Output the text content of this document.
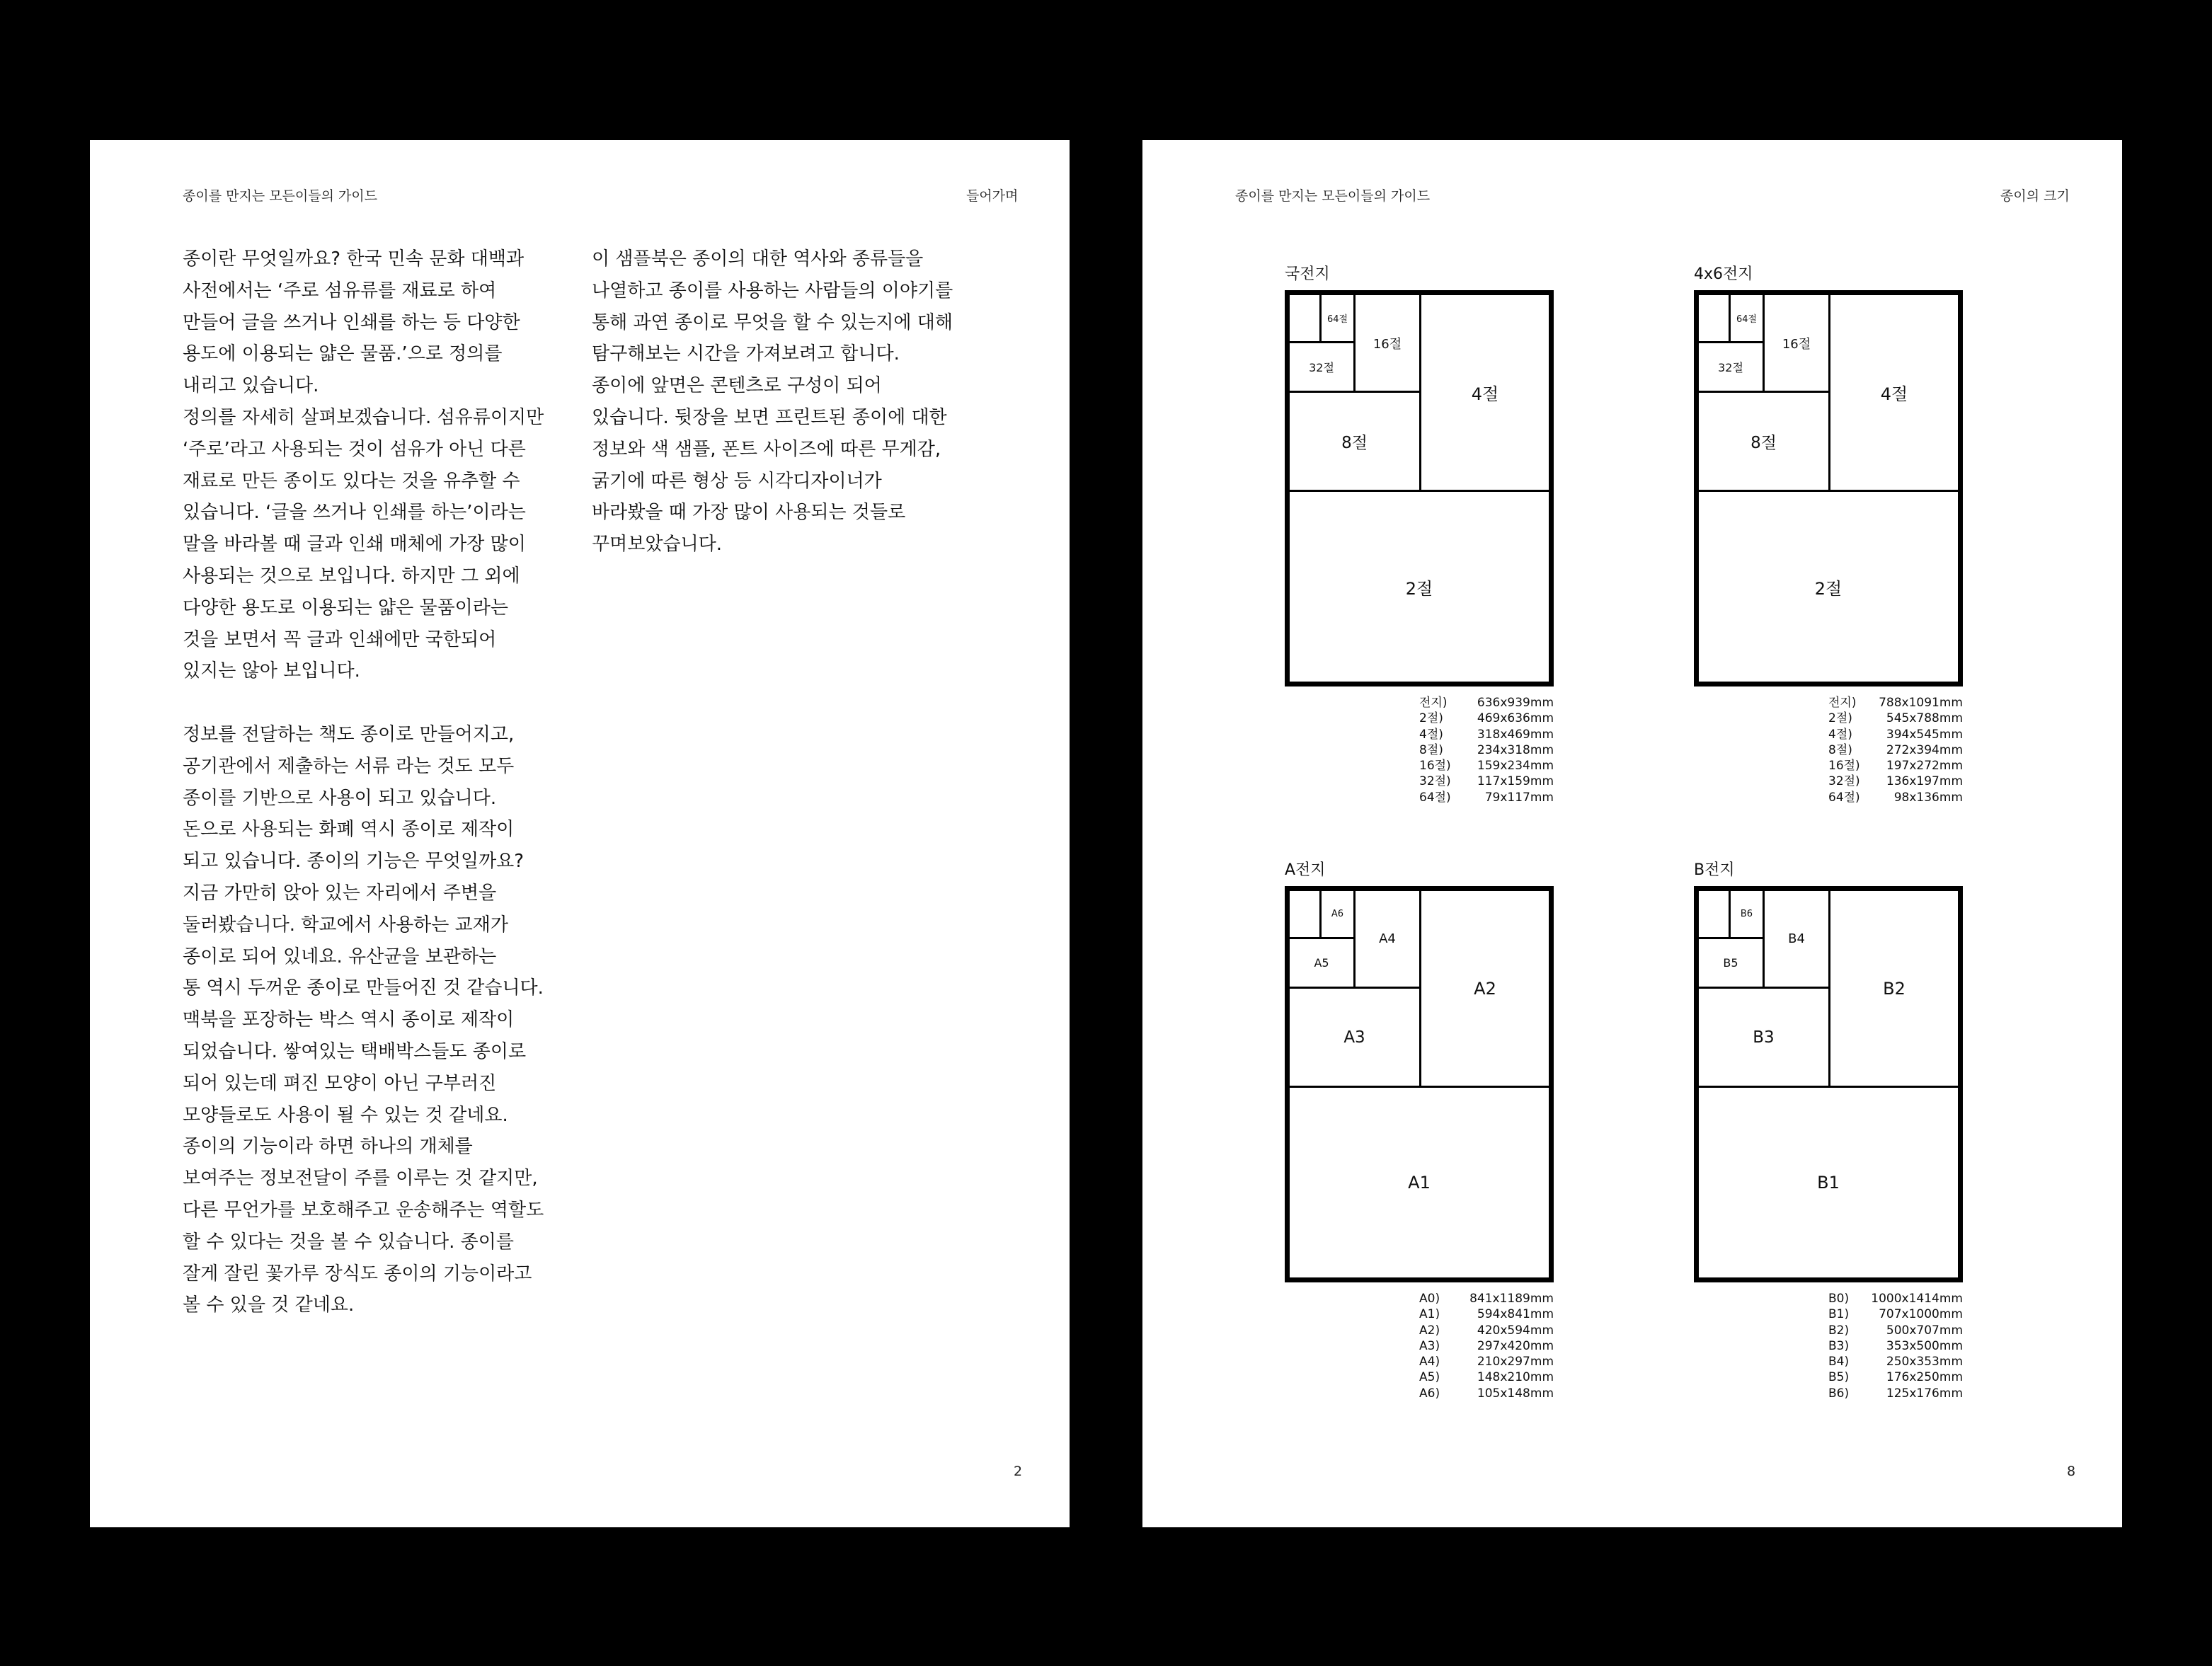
종이를 만지는 모든이들의 가이드	들어가며
종이란 무엇일까요? 한국 민속 문화 대백과
사전에서는 ‘주로 섬유류를 재료로 하여
만들어 글을 쓰거나 인쇄를 하는 등 다양한
용도에 이용되는 얇은 물품.’으로 정의를
내리고 있습니다.
정의를 자세히 살펴보겠습니다. 섬유류이지만
‘주로’라고 사용되는 것이 섬유가 아닌 다른
재료로 만든 종이도 있다는 것을 유추할 수
있습니다. ‘글을 쓰거나 인쇄를 하는’이라는
말을 바라볼 때 글과 인쇄 매체에 가장 많이
사용되는 것으로 보입니다. 하지만 그 외에
다양한 용도로 이용되는 얇은 물품이라는
것을 보면서 꼭 글과 인쇄에만 국한되어
있지는 않아 보입니다.
정보를 전달하는 책도 종이로 만들어지고,
공기관에서 제출하는 서류 라는 것도 모두
종이를 기반으로 사용이 되고 있습니다.
돈으로 사용되는 화폐 역시 종이로 제작이
되고 있습니다. 종이의 기능은 무엇일까요?
지금 가만히 앉아 있는 자리에서 주변을
둘러봤습니다. 학교에서 사용하는 교재가
종이로 되어 있네요. 유산균을 보관하는
통 역시 두꺼운 종이로 만들어진 것 같습니다.
맥북을 포장하는 박스 역시 종이로 제작이
되었습니다. 쌓여있는 택배박스들도 종이로
되어 있는데 펴진 모양이 아닌 구부러진
모양들로도 사용이 될 수 있는 것 같네요.
종이의 기능이라 하면 하나의 개체를
보여주는 정보전달이 주를 이루는 것 같지만,
다른 무언가를 보호해주고 운송해주는 역할도
할 수 있다는 것을 볼 수 있습니다. 종이를
잘게 잘린 꽃가루 장식도 종이의 기능이라고
볼 수 있을 것 같네요.
이 샘플북은 종이의 대한 역사와 종류들을
나열하고 종이를 사용하는 사람들의 이야기를
통해 과연 종이로 무엇을 할 수 있는지에 대해
탐구해보는 시간을 가져보려고 합니다.
종이에 앞면은 콘텐츠로 구성이 되어
있습니다. 뒷장을 보면 프린트된 종이에 대한
정보와 색 샘플, 폰트 사이즈에 따른 무게감,
굵기에 따른 형상 등 시각디자이너가
바라봤을 때 가장 많이 사용되는 것들로
꾸며보았습니다.
2
종이를 만지는 모든이들의 가이드	종이의 크기
8
국전지
2절
4절
8절
16절
32절
64절
전지) 636x939mm
2절)	469x636mm
4절)	318x469mm
8절)	234x318mm
16절) 159x234mm
32절) 117x159mm
64절)	79x117mm
4x6전지
2절
4절
8절
16절
32절
64절
전지) 788x1091mm
2절)	545x788mm
4절)	394x545mm
8절)	272x394mm
16절) 197x272mm
32절) 136x197mm
64절)	98x136mm
A전지
A1
A2
A3
A4
A5
A6
A0) 841x1189mm
A1)	594x841mm
A2)	420x594mm
A3)	297x420mm
A4)	210x297mm
A5)	148x210mm
A6)	105x148mm
B전지
B1
B2
B3
B4
B5
B6
B0) 1000x1414mm
B1) 707x1000mm
B2)	500x707mm
B3)	353x500mm
B4)	250x353mm
B5)	176x250mm
B6)	125x176mm
